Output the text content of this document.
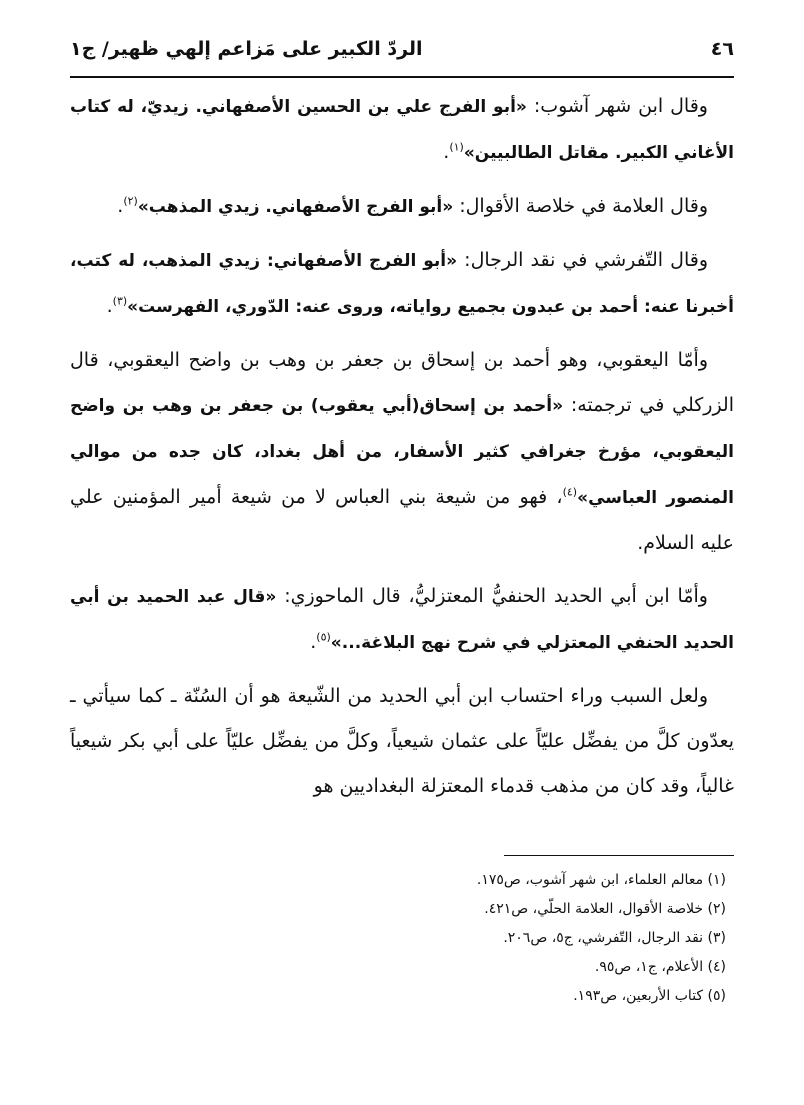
٤٦
الردّ الكبير على مَزاعم إلهي ظهير/ ج١

وقال ابن شهر آشوب: «أبو الفرج علي بن الحسين الأصفهاني. زيديّ، له كتاب الأغاني الكبير. مقاتل الطالبيين»$^{(١)}$.

وقال العلامة في خلاصة الأقوال: «أبو الفرج الأصفهاني. زيدي المذهب»$^{(٢)}$.

وقال التّفرشي في نقد الرجال: «أبو الفرج الأصفهاني: زيدي المذهب، له كتب، أخبرنا عنه: أحمد بن عبدون بجميع رواياته، وروى عنه: الدّوري، الفهرست»$^{(٣)}$.

وأمّا اليعقوبي، وهو أحمد بن إسحاق بن جعفر بن وهب بن واضح اليعقوبي، قال الزركلي في ترجمته: «أحمد بن إسحاق(أبي يعقوب) بن جعفر بن وهب بن واضح اليعقوبي، مؤرخ جغرافي كثير الأسفار، من أهل بغداد، كان جده من موالي المنصور العباسي»$^{(٤)}$، فهو من شيعة بني العباس لا من شيعة أمير المؤمنين علي عليه السلام.

وأمّا ابن أبي الحديد الحنفيُّ المعتزليُّ، قال الماحوزي: «قال عبد الحميد بن أبي الحديد الحنفي المعتزلي في شرح نهج البلاغة...»$^{(٥)}$.

ولعل السبب وراء احتساب ابن أبي الحديد من الشّيعة هو أن السُنّة ـ كما سيأتي ـ يعدّون كلَّ من يفضِّل عليّاً على عثمان شيعياً، وكلَّ من يفضِّل عليّاً على أبي بكر شيعياً غالياً، وقد كان من مذهب قدماء المعتزلة البغداديين هو

(١) معالم العلماء، ابن شهر آشوب، ص١٧٥.
(٢) خلاصة الأقوال، العلامة الحلّي، ص٤٢١.
(٣) نقد الرجال، التّفرشي، ج٥، ص٢٠٦.
(٤) الأعلام، ج١، ص٩٥.
(٥) كتاب الأربعين، ص١٩٣.
